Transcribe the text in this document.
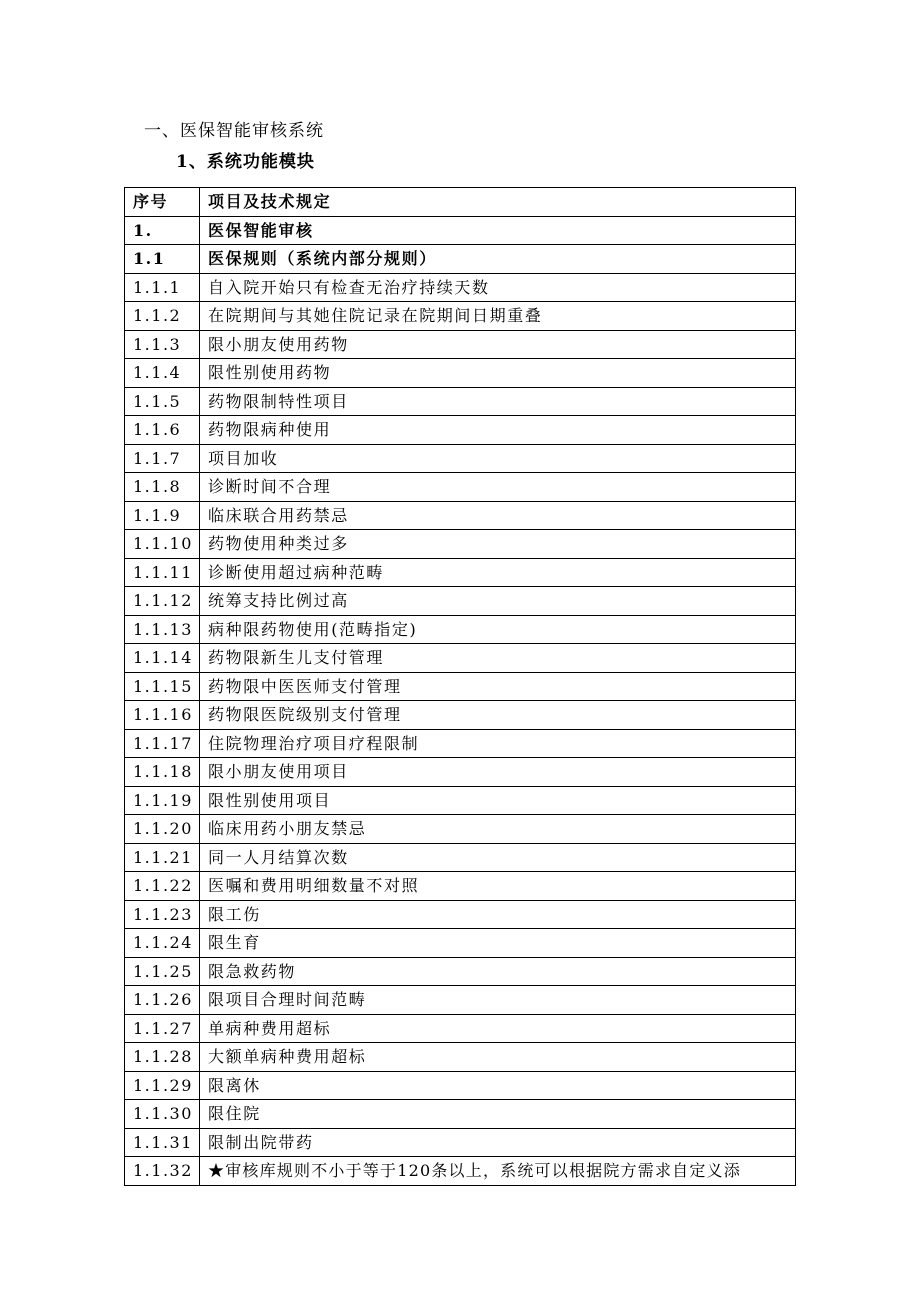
一、医保智能审核系统
1、系统功能模块
序号	项目及技术规定
1.	医保智能审核
1.1	医保规则（系统内部分规则）
1.1.1	自入院开始只有检查无治疗持续天数
1.1.2	在院期间与其她住院记录在院期间日期重叠
1.1.3	限小朋友使用药物
1.1.4	限性别使用药物
1.1.5	药物限制特性项目
1.1.6	药物限病种使用
1.1.7	项目加收
1.1.8	诊断时间不合理
1.1.9	临床联合用药禁忌
1.1.10	药物使用种类过多
1.1.11	诊断使用超过病种范畴
1.1.12	统筹支持比例过高
1.1.13	病种限药物使用(范畴指定)
1.1.14	药物限新生儿支付管理
1.1.15	药物限中医医师支付管理
1.1.16	药物限医院级别支付管理
1.1.17	住院物理治疗项目疗程限制
1.1.18	限小朋友使用项目
1.1.19	限性别使用项目
1.1.20	临床用药小朋友禁忌
1.1.21	同一人月结算次数
1.1.22	医嘱和费用明细数量不对照
1.1.23	限工伤
1.1.24	限生育
1.1.25	限急救药物
1.1.26	限项目合理时间范畴
1.1.27	单病种费用超标
1.1.28	大额单病种费用超标
1.1.29	限离休
1.1.30	限住院
1.1.31	限制出院带药
1.1.32	★审核库规则不小于等于120条以上，系统可以根据院方需求自定义添
